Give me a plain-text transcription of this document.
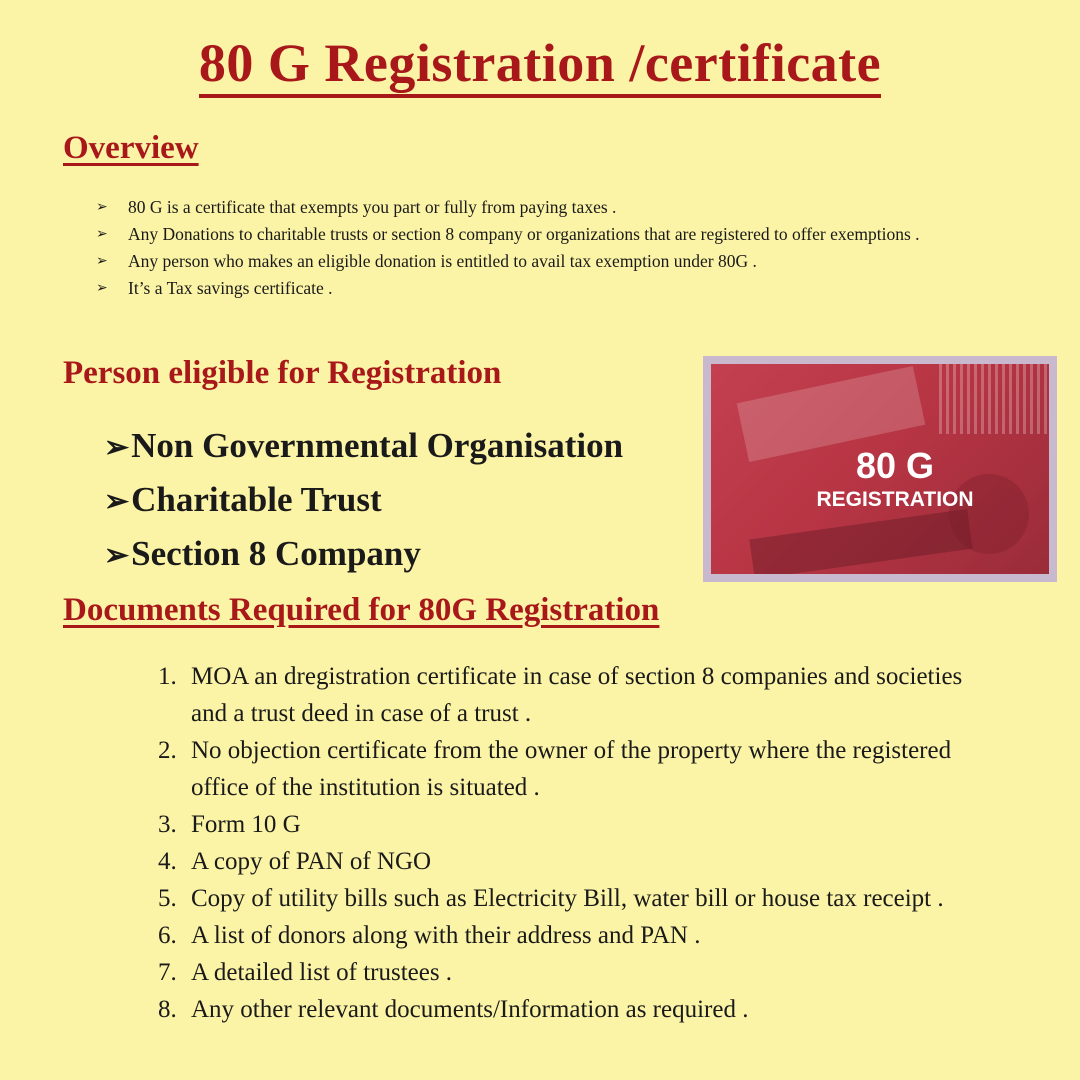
80 G Registration /certificate
Overview
➢ 80 G is a certificate that exempts you part or fully from paying taxes .
➢ Any Donations to charitable trusts or section 8 company or organizations that are registered to offer exemptions .
➢ Any person who makes an eligible donation is entitled to avail tax exemption under 80G .
➢ It’s a Tax savings certificate .
Person eligible for Registration
➢Non Governmental Organisation
➢Charitable Trust
➢Section 8 Company
80 G
REGISTRATION
Documents Required for 80G Registration
1. MOA an dregistration certificate in case of section 8 companies and societies and a trust deed in case of a trust .
2. No objection certificate from the owner of the property where the registered office of the institution is situated .
3. Form 10 G
4. A copy of PAN of NGO
5. Copy of utility bills such as Electricity Bill, water bill or house tax receipt .
6. A list of donors along with their address and PAN .
7. A detailed list of trustees .
8. Any other relevant documents/Information as required .
